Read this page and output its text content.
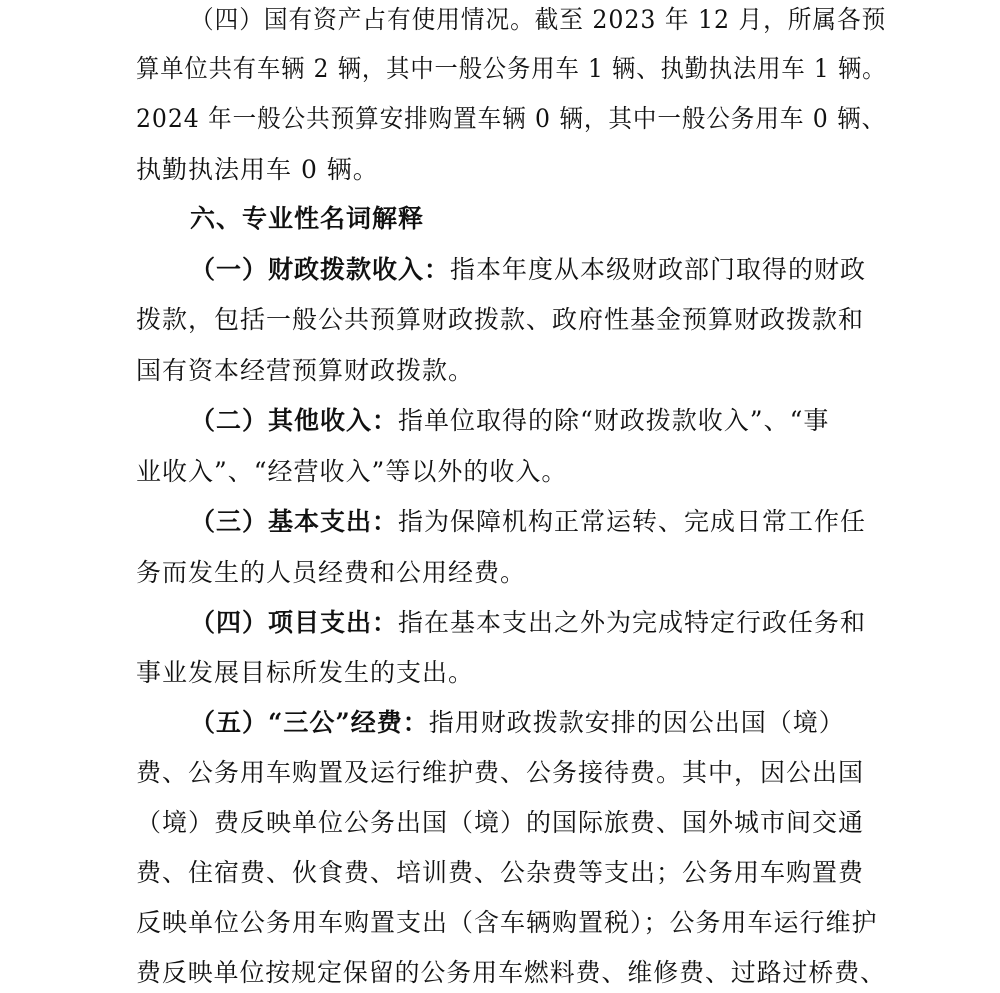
（四）国有资产占有使用情况。截至 2023 年 12 月，所属各预
算单位共有车辆 2 辆，其中一般公务用车 1 辆、执勤执法用车 1 辆。
2024 年一般公共预算安排购置车辆 0 辆，其中一般公务用车 0 辆、
执勤执法用车 0 辆。
六、专业性名词解释
（一）财政拨款收入：指本年度从本级财政部门取得的财政
拨款，包括一般公共预算财政拨款、政府性基金预算财政拨款和
国有资本经营预算财政拨款。
（二）其他收入：指单位取得的除“财政拨款收入”、“事
业收入”、“经营收入”等以外的收入。
（三）基本支出：指为保障机构正常运转、完成日常工作任
务而发生的人员经费和公用经费。
（四）项目支出：指在基本支出之外为完成特定行政任务和
事业发展目标所发生的支出。
（五）“三公”经费：指用财政拨款安排的因公出国（境）
费、公务用车购置及运行维护费、公务接待费。其中，因公出国
（境）费反映单位公务出国（境）的国际旅费、国外城市间交通
费、住宿费、伙食费、培训费、公杂费等支出；公务用车购置费
反映单位公务用车购置支出（含车辆购置税）；公务用车运行维护
费反映单位按规定保留的公务用车燃料费、维修费、过路过桥费、
